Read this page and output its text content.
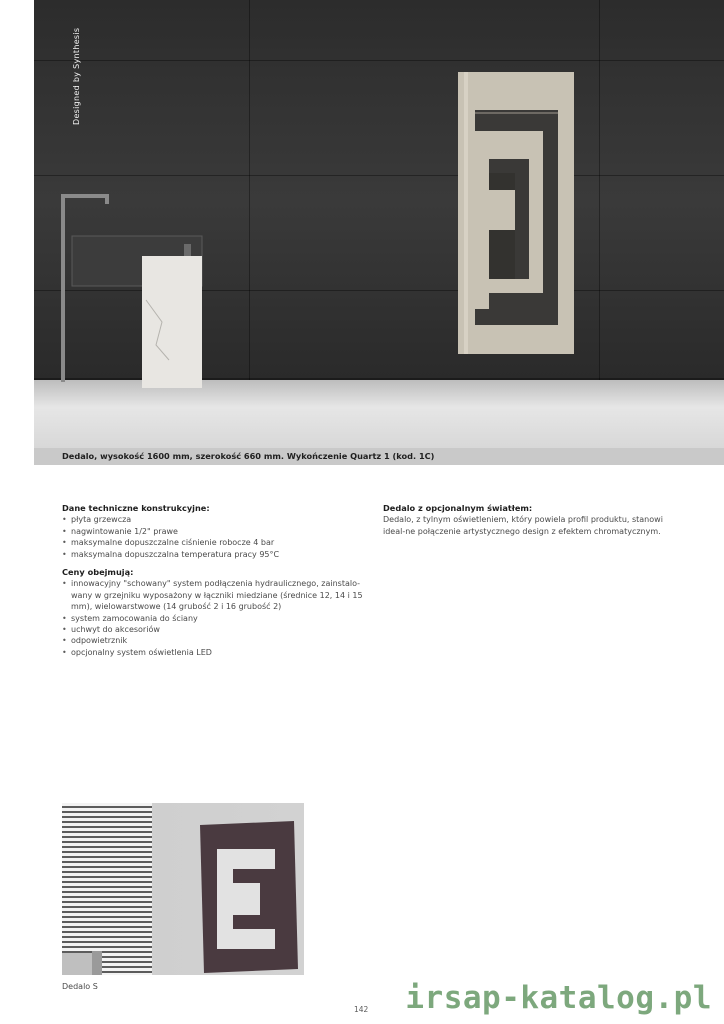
Designed by Synthesis
Dedalo, wysokość 1600 mm, szerokość 660 mm. Wykończenie Quartz 1 (kod. 1C)
Dane techniczne konstrukcyjne:
• płyta grzewcza
• nagwintowanie 1/2" prawe
• maksymalne dopuszczalne ciśnienie robocze 4 bar
• maksymalna dopuszczalna temperatura pracy 95°C
Ceny obejmują:
• innowacyjny "schowany" system podłączenia hydraulicznego, zainstalo-wany w grzejniku wyposażony w łączniki miedziane (średnice 12, 14 i 15 mm), wielowarstwowe (14 grubość 2 i 16 grubość 2)
• system zamocowania do ściany
• uchwyt do akcesoriów
• odpowietrznik
• opcjonalny system oświetlenia LED
Dedalo z opcjonalnym światłem:

Dedalo, z tylnym oświetleniem, który powiela profil produktu, stanowi ideal-ne połączenie artystycznego design z efektem chromatycznym.

Dedalo S
142 irsap-katalog.pl
